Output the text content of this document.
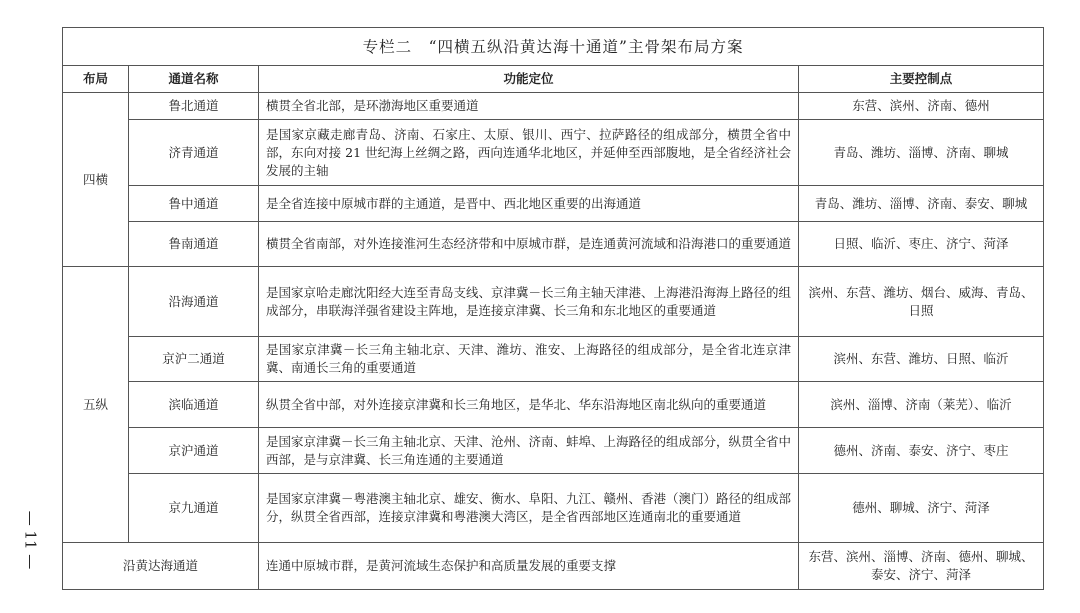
专栏二　“四横五纵沿黄达海十通道”主骨架布局方案			
布局	通道名称	功能定位	主要控制点
四横	鲁北通道	横贯全省北部，是环渤海地区重要通道	东营、滨州、济南、德州
	济青通道	是国家京藏走廊青岛、济南、石家庄、太原、银川、西宁、拉萨路径的组成部分，横贯全省中部，东向对接 21 世纪海上丝绸之路，西向连通华北地区，并延伸至西部腹地，是全省经济社会发展的主轴	青岛、潍坊、淄博、济南、聊城
	鲁中通道	是全省连接中原城市群的主通道，是晋中、西北地区重要的出海通道	青岛、潍坊、淄博、济南、泰安、聊城
	鲁南通道	横贯全省南部，对外连接淮河生态经济带和中原城市群，是连通黄河流域和沿海港口的重要通道	日照、临沂、枣庄、济宁、菏泽
五纵	沿海通道	是国家京哈走廊沈阳经大连至青岛支线、京津冀－长三角主轴天津港、上海港沿海海上路径的组成部分，串联海洋强省建设主阵地，是连接京津冀、长三角和东北地区的重要通道	滨州、东营、潍坊、烟台、威海、青岛、日照
	京沪二通道	是国家京津冀－长三角主轴北京、天津、潍坊、淮安、上海路径的组成部分，是全省北连京津冀、南通长三角的重要通道	滨州、东营、潍坊、日照、临沂
	滨临通道	纵贯全省中部，对外连接京津冀和长三角地区，是华北、华东沿海地区南北纵向的重要通道	滨州、淄博、济南（莱芜）、临沂
	京沪通道	是国家京津冀－长三角主轴北京、天津、沧州、济南、蚌埠、上海路径的组成部分，纵贯全省中西部，是与京津冀、长三角连通的主要通道	德州、济南、泰安、济宁、枣庄
	京九通道	是国家京津冀－粤港澳主轴北京、雄安、衡水、阜阳、九江、赣州、香港（澳门）路径的组成部分，纵贯全省西部，连接京津冀和粤港澳大湾区，是全省西部地区连通南北的重要通道	德州、聊城、济宁、菏泽
沿黄达海通道		连通中原城市群，是黄河流域生态保护和高质量发展的重要支撑	东营、滨州、淄博、济南、德州、聊城、泰安、济宁、菏泽
— 11 —
